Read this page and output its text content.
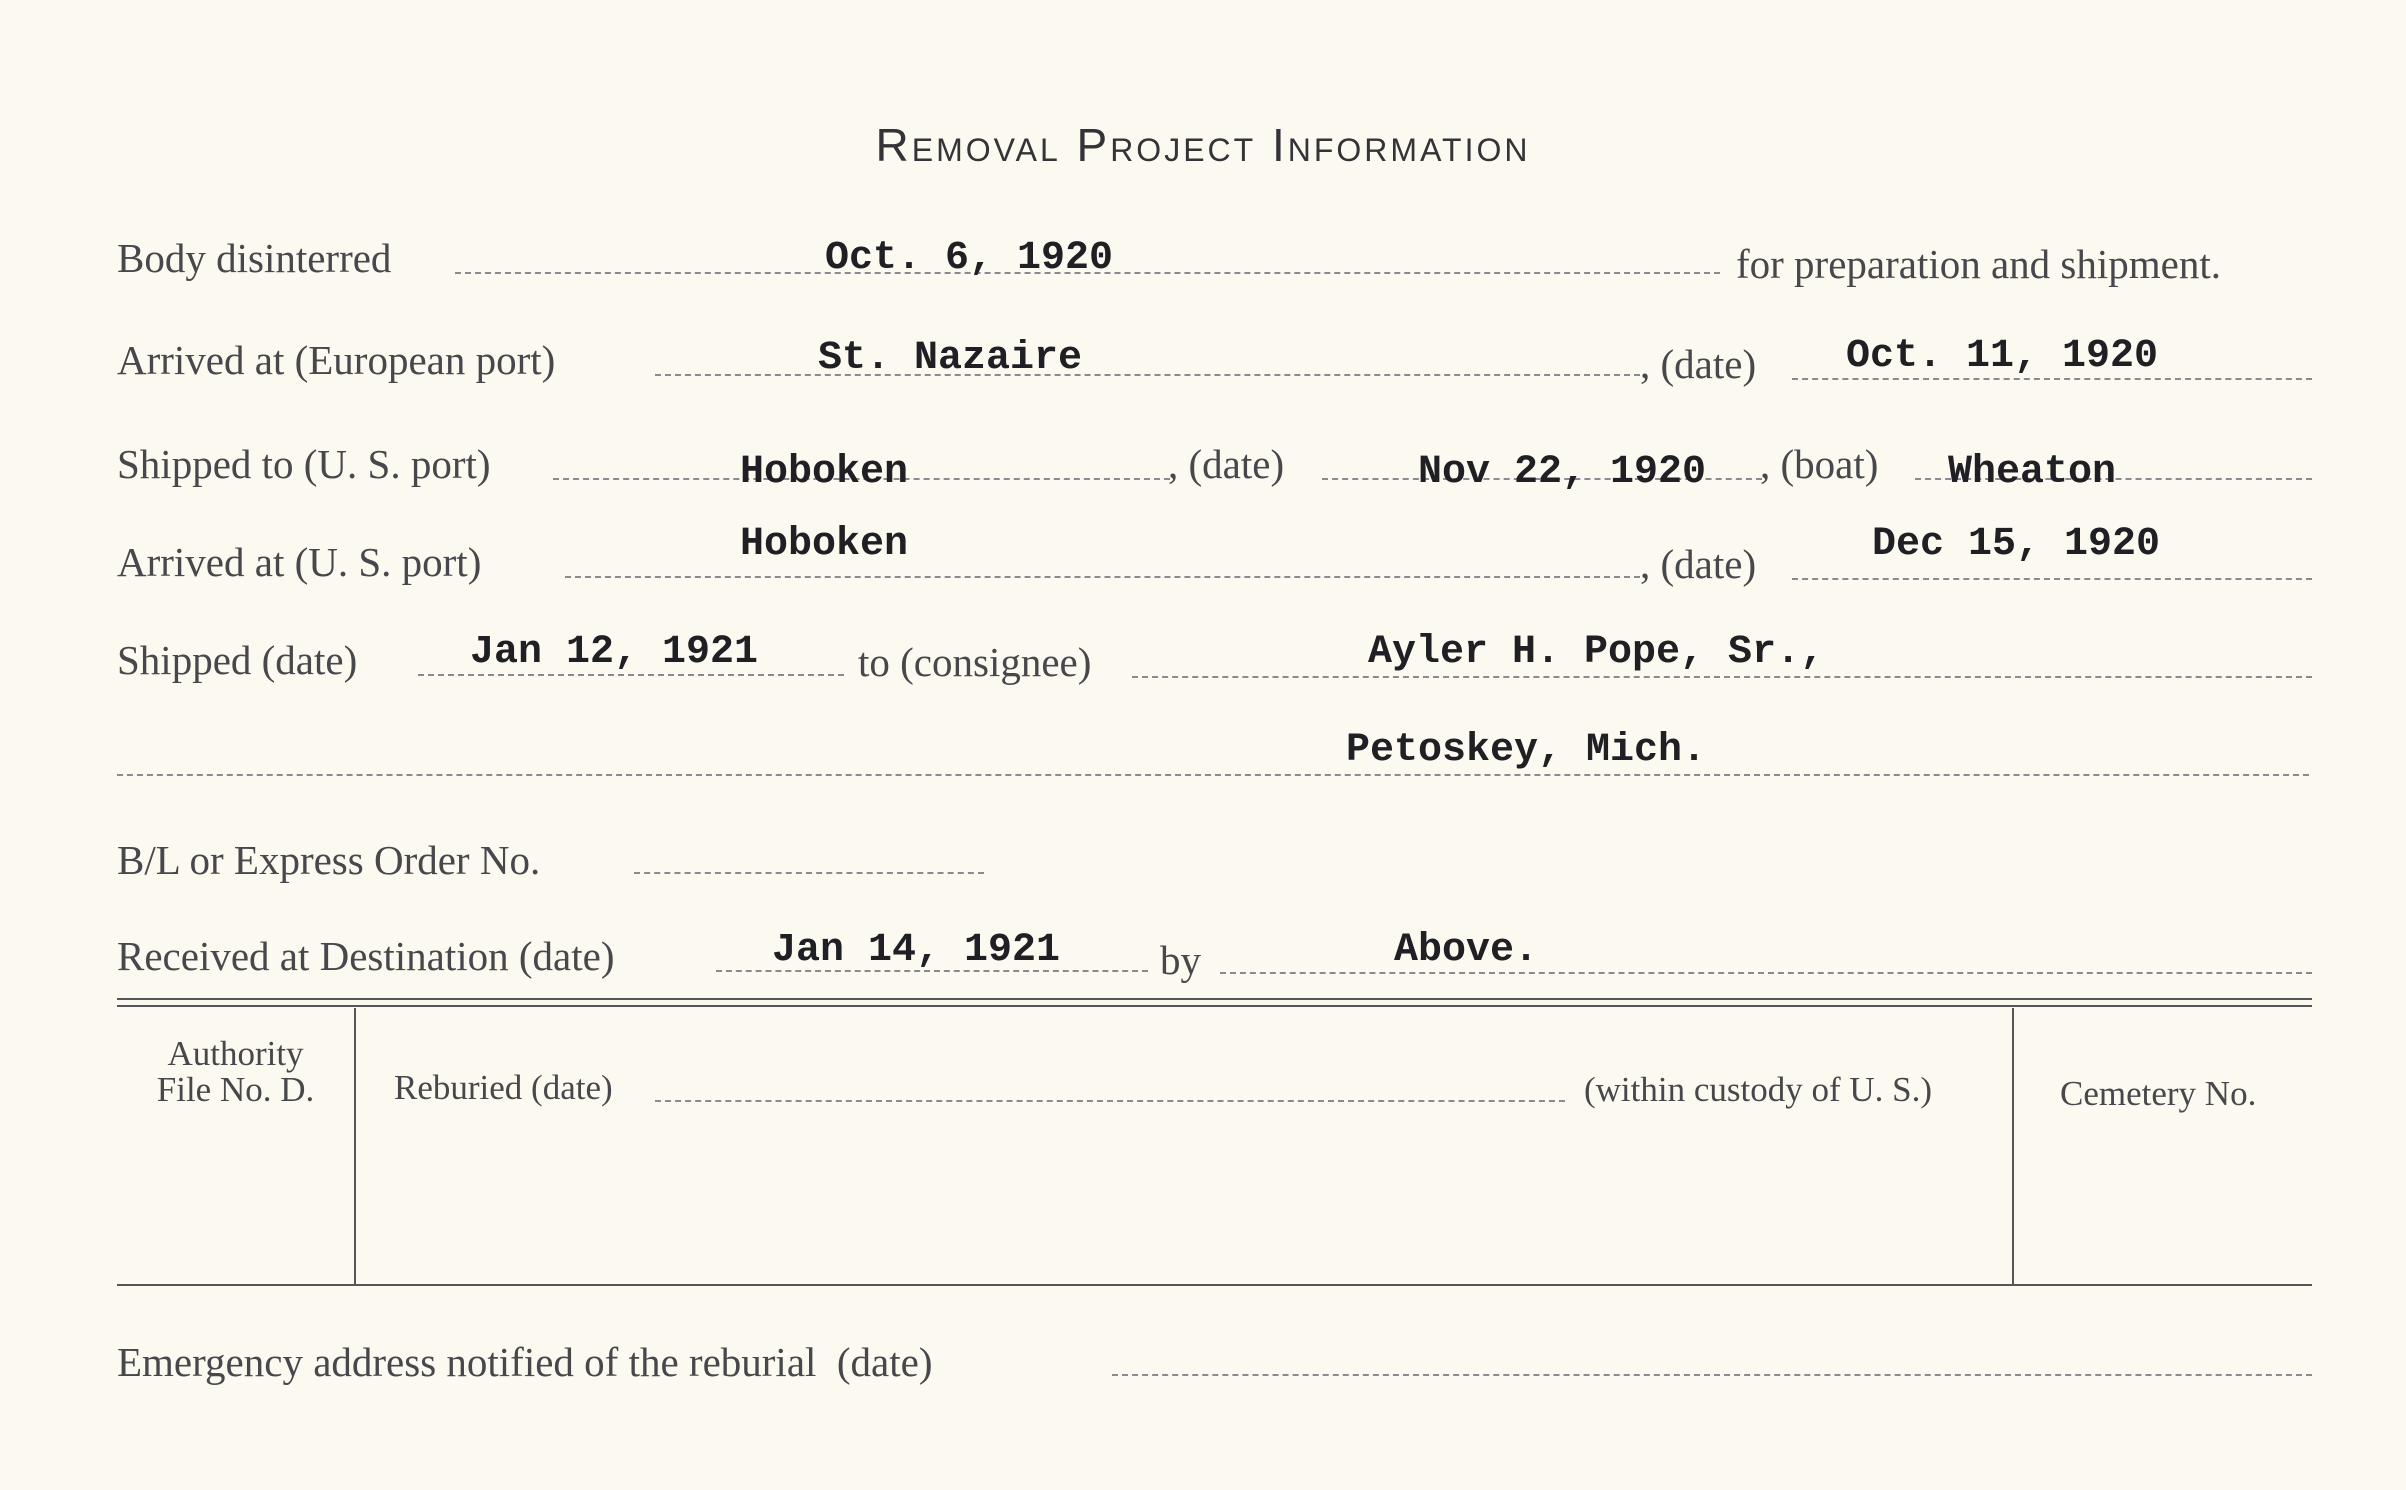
Removal Project Information
Body disinterred	Oct. 6, 1920	for preparation and shipment.
Arrived at (European port)	St. Nazaire	, (date) Oct. 11, 1920
Shipped to (U. S. port)	Hoboken	, (date)	Nov 22, 1920 , (boat) Wheaton
Arrived at (U. S. port)	Hoboken	, (date)	Dec 15, 1920
Shipped (date)	Jan 12, 1921 to (consignee)	Ayler H. Pope, Sr.,
Petoskey, Mich.
B/L or Express Order No.
Received at Destination (date)	Jan 14, 1921 by	Above.
Authority
File No. D.	Reburied (date)	(within custody of U. S.)	Cemetery No.
Emergency address notified of the reburial  (date)
